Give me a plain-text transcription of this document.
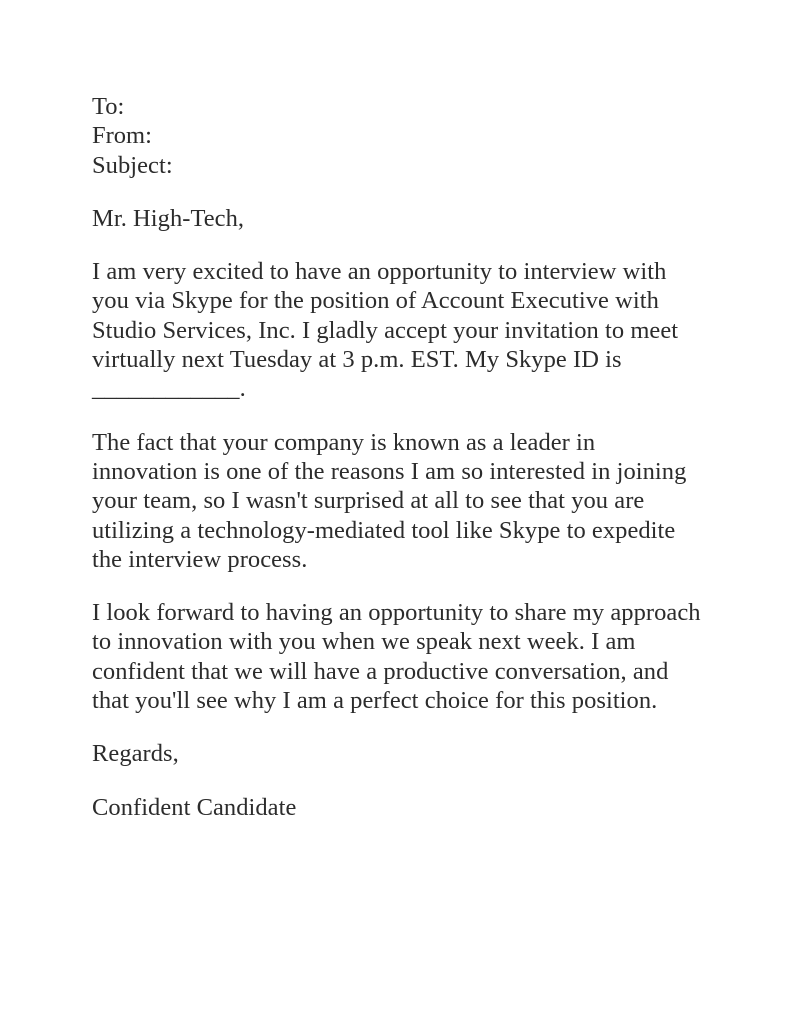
To:

From:

Subject:

Mr. High-Tech,

I am very excited to have an opportunity to interview with you via Skype for the position of Account Executive with Studio Services, Inc. I gladly accept your invitation to meet virtually next Tuesday at 3 p.m. EST. My Skype ID is ____________.

The fact that your company is known as a leader in innovation is one of the reasons I am so interested in joining your team, so I wasn't surprised at all to see that you are utilizing a technology-mediated tool like Skype to expedite the interview process.

I look forward to having an opportunity to share my approach to innovation with you when we speak next week. I am confident that we will have a productive conversation, and that you'll see why I am a perfect choice for this position.

Regards,

Confident Candidate
